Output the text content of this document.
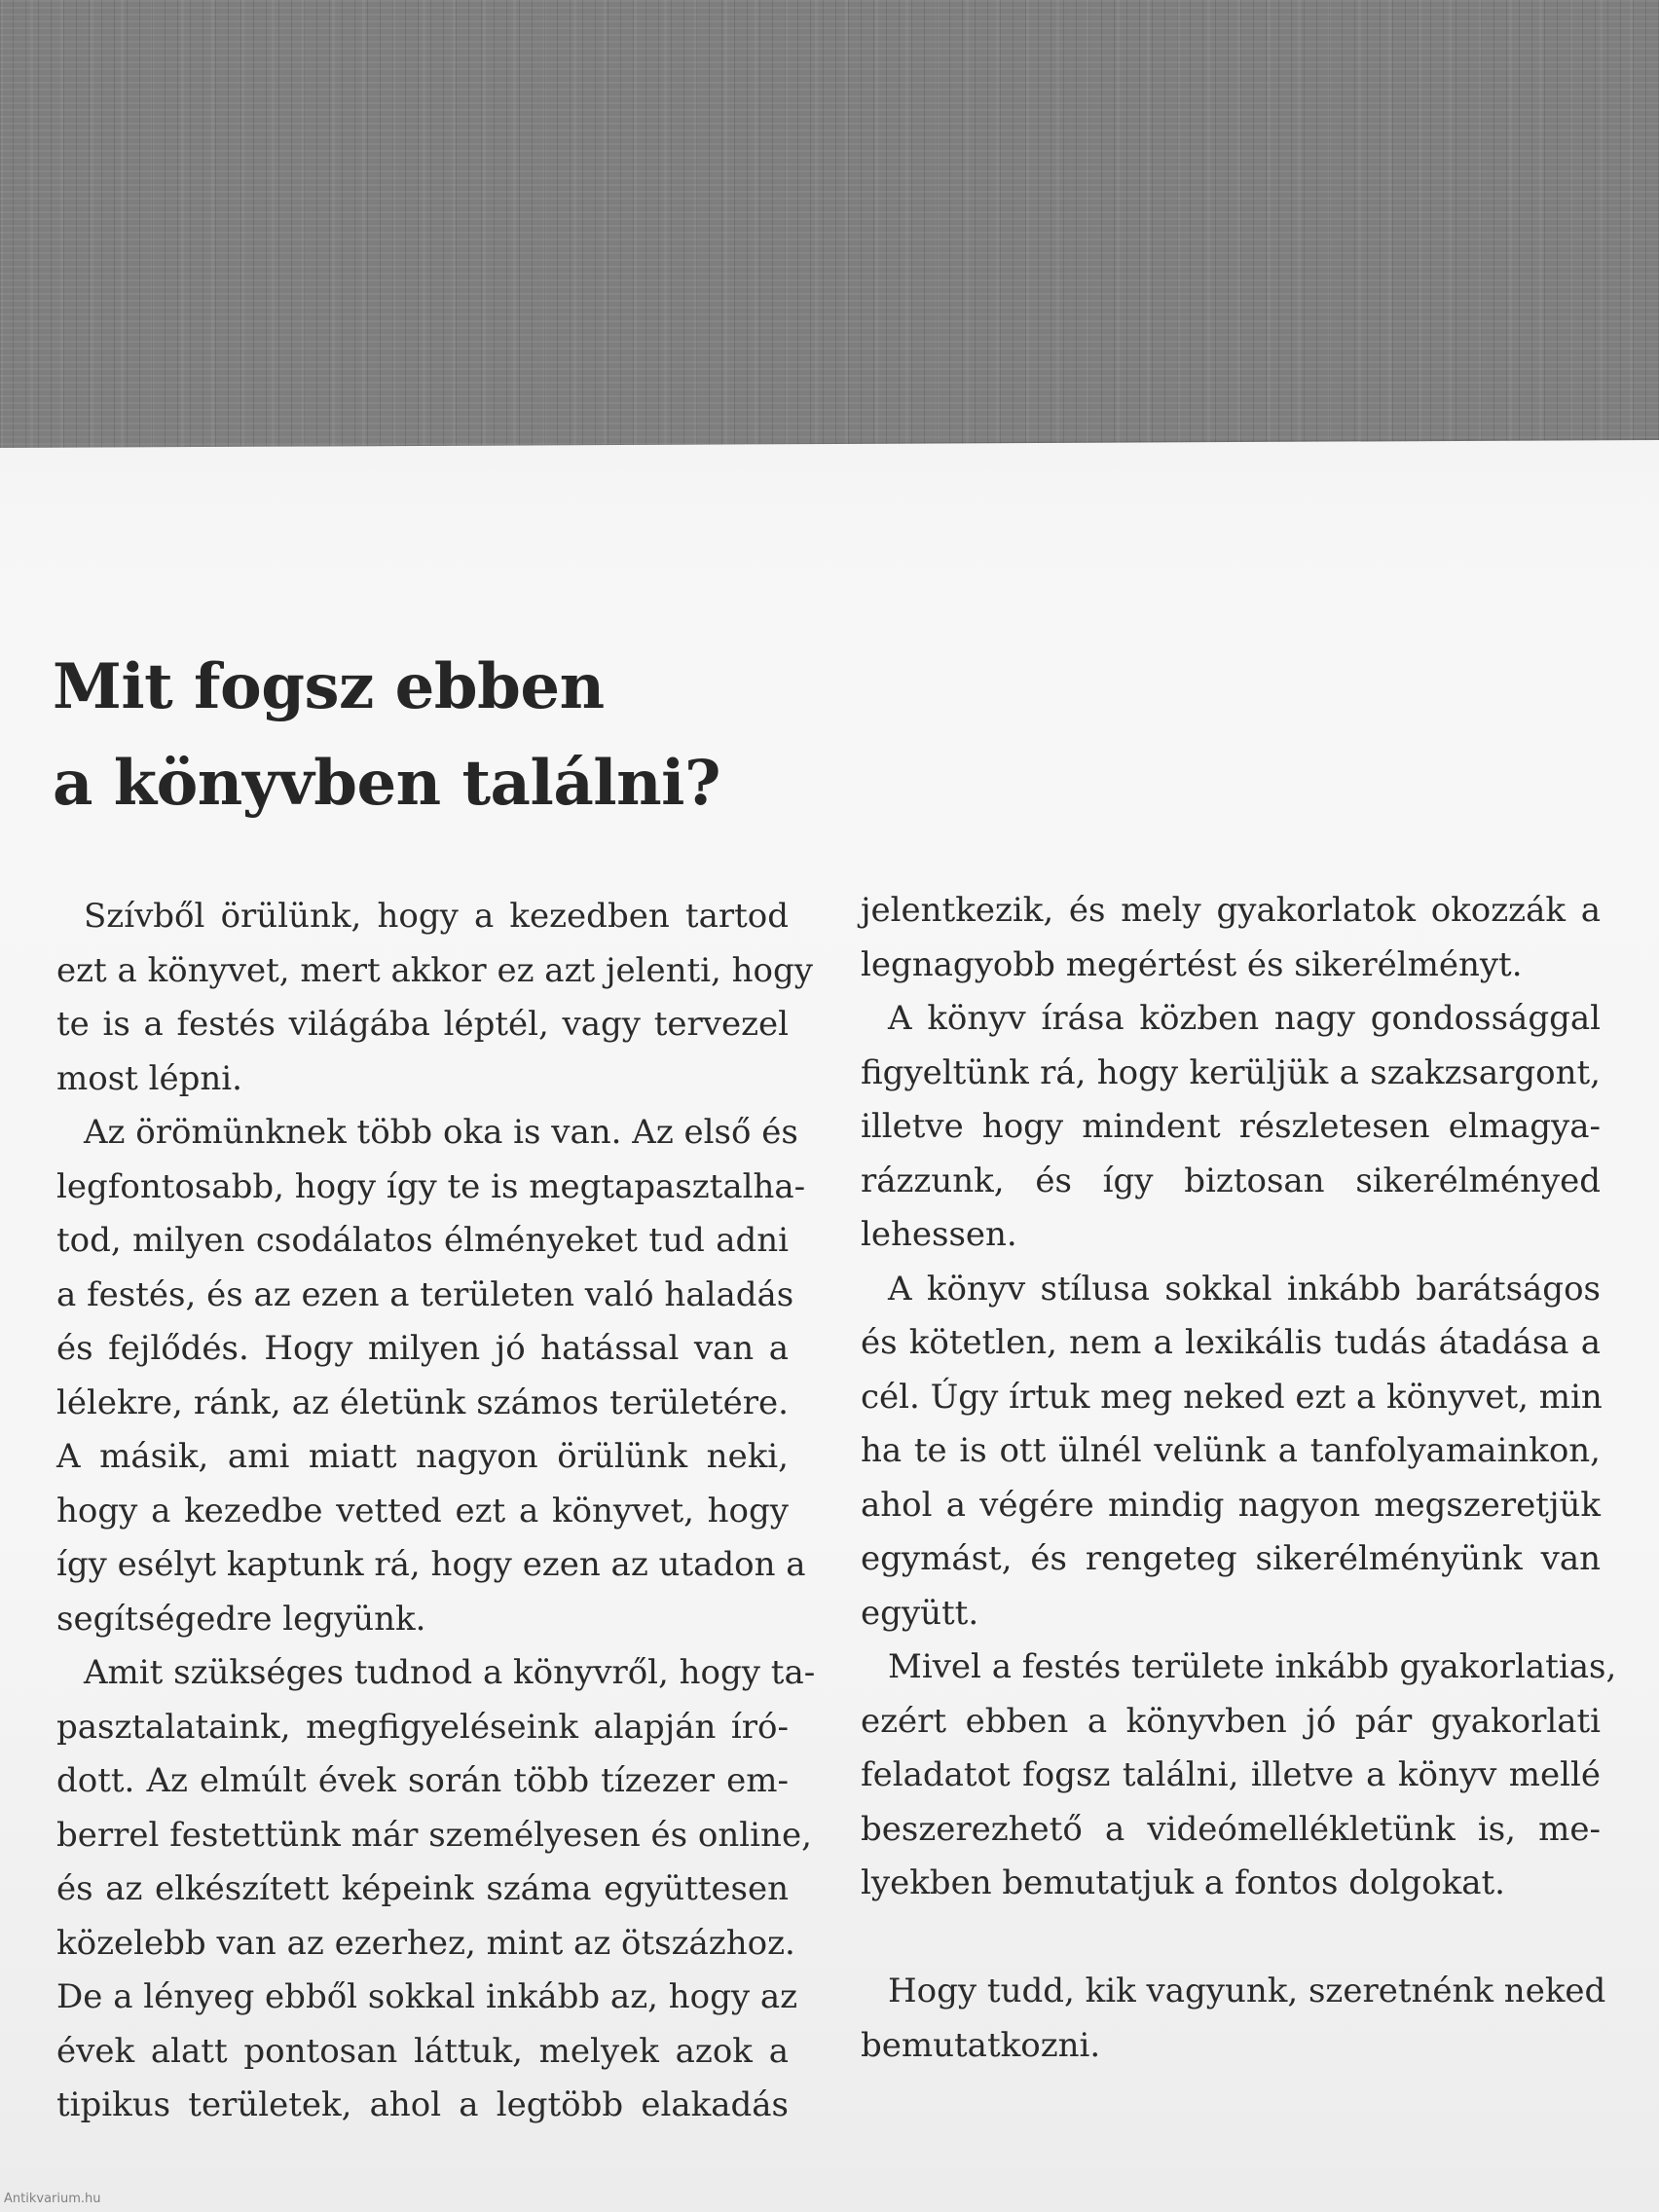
Mit fogsz ebben
a könyvben találni?
Szívből örülünk, hogy a kezedben tartod
ezt a könyvet, mert akkor ez azt jelenti, hogy
te is a festés világába léptél, vagy tervezel
most lépni.
Az örömünknek több oka is van. Az első és
legfontosabb, hogy így te is megtapasztalha-
tod, milyen csodálatos élményeket tud adni
a festés, és az ezen a területen való haladás
és fejlődés. Hogy milyen jó hatással van a
lélekre, ránk, az életünk számos területére.
A másik, ami miatt nagyon örülünk neki,
hogy a kezedbe vetted ezt a könyvet, hogy
így esélyt kaptunk rá, hogy ezen az utadon a
segítségedre legyünk.
Amit szükséges tudnod a könyvről, hogy ta-
pasztalataink, megfigyeléseink alapján író-
dott. Az elmúlt évek során több tízezer em-
berrel festettünk már személyesen és online,
és az elkészített képeink száma együttesen
közelebb van az ezerhez, mint az ötszázhoz.
De a lényeg ebből sokkal inkább az, hogy az
évek alatt pontosan láttuk, melyek azok a
tipikus területek, ahol a legtöbb elakadás
jelentkezik, és mely gyakorlatok okozzák a
legnagyobb megértést és sikerélményt.
A könyv írása közben nagy gondossággal
figyeltünk rá, hogy kerüljük a szakzsargont,
illetve hogy mindent részletesen elmagya-
rázzunk, és így biztosan sikerélményed
lehessen.
A könyv stílusa sokkal inkább barátságos
és kötetlen, nem a lexikális tudás átadása a
cél. Úgy írtuk meg neked ezt a könyvet, min
ha te is ott ülnél velünk a tanfolyamainkon,
ahol a végére mindig nagyon megszeretjük
egymást, és rengeteg sikerélményünk van
együtt.
Mivel a festés területe inkább gyakorlatias,
ezért ebben a könyvben jó pár gyakorlati
feladatot fogsz találni, illetve a könyv mellé
beszerezhető a videómellékletünk is, me-
lyekben bemutatjuk a fontos dolgokat.
Hogy tudd, kik vagyunk, szeretnénk neked
bemutatkozni.
Antikvarium.hu
